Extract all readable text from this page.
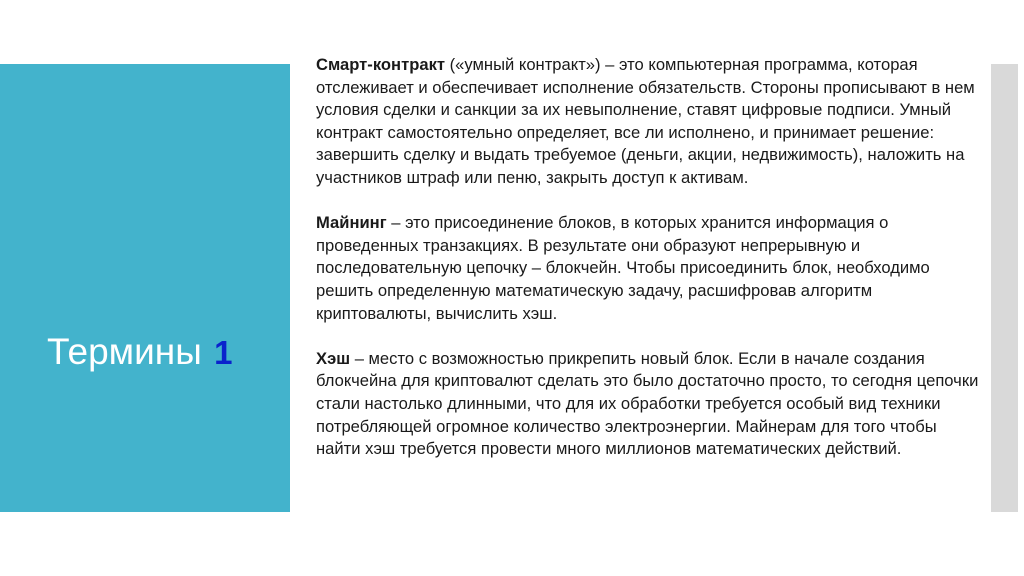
Термины 1

Смарт-контракт («умный контракт») – это компьютерная программа, которая отслеживает и обеспечивает исполнение обязательств. Стороны прописывают в нем условия сделки и санкции за их невыполнение, ставят цифровые подписи. Умный контракт самостоятельно определяет, все ли исполнено, и принимает решение: завершить сделку и выдать требуемое (деньги, акции, недвижимость), наложить на участников штраф или пеню, закрыть доступ к активам.

Майнинг – это присоединение блоков, в которых хранится информация о проведенных транзакциях. В результате они образуют непрерывную и последовательную цепочку – блокчейн. Чтобы присоединить блок, необходимо решить определенную математическую задачу, расшифровав алгоритм криптовалюты, вычислить хэш.

Хэш – место с возможностью прикрепить новый блок. Если в начале создания блокчейна для криптовалют сделать это было достаточно просто, то сегодня цепочки стали настолько длинными, что для их обработки требуется особый вид техники потребляющей огромное количество электроэнергии. Майнерам для того чтобы найти хэш требуется провести много миллионов математических действий.
